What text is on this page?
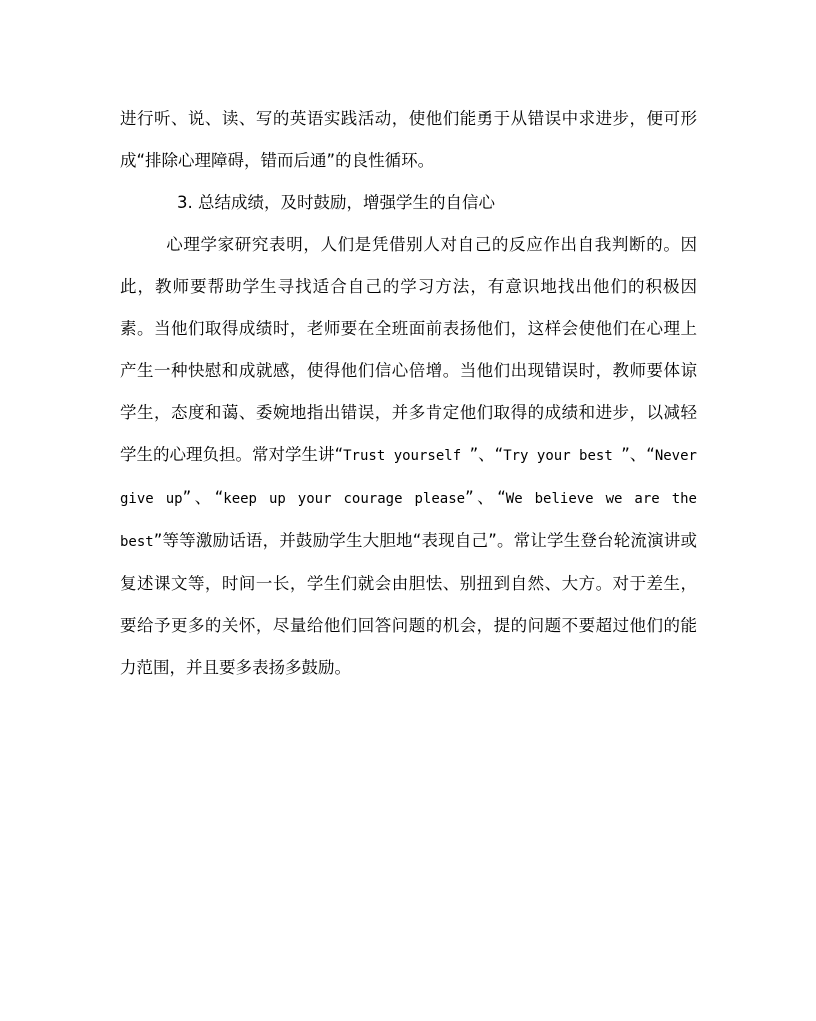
进行听、说、读、写的英语实践活动，使他们能勇于从错误中求进步，便可形成“排除心理障碍，错而后通”的良性循环。

3. 总结成绩，及时鼓励，增强学生的自信心

心理学家研究表明，人们是凭借别人对自己的反应作出自我判断的。因此，教师要帮助学生寻找适合自己的学习方法，有意识地找出他们的积极因素。当他们取得成绩时，老师要在全班面前表扬他们，这样会使他们在心理上产生一种快慰和成就感，使得他们信心倍增。当他们出现错误时，教师要体谅学生，态度和蔼、委婉地指出错误，并多肯定他们取得的成绩和进步，以减轻学生的心理负担。常对学生讲“Trust yourself ”、“Try your best ”、“Never give up”、“keep up your courage please”、“We believe we are the best”等等激励话语，并鼓励学生大胆地“表现自己”。常让学生登台轮流演讲或复述课文等，时间一长，学生们就会由胆怯、别扭到自然、大方。对于差生，要给予更多的关怀，尽量给他们回答问题的机会，提的问题不要超过他们的能力范围，并且要多表扬多鼓励。
